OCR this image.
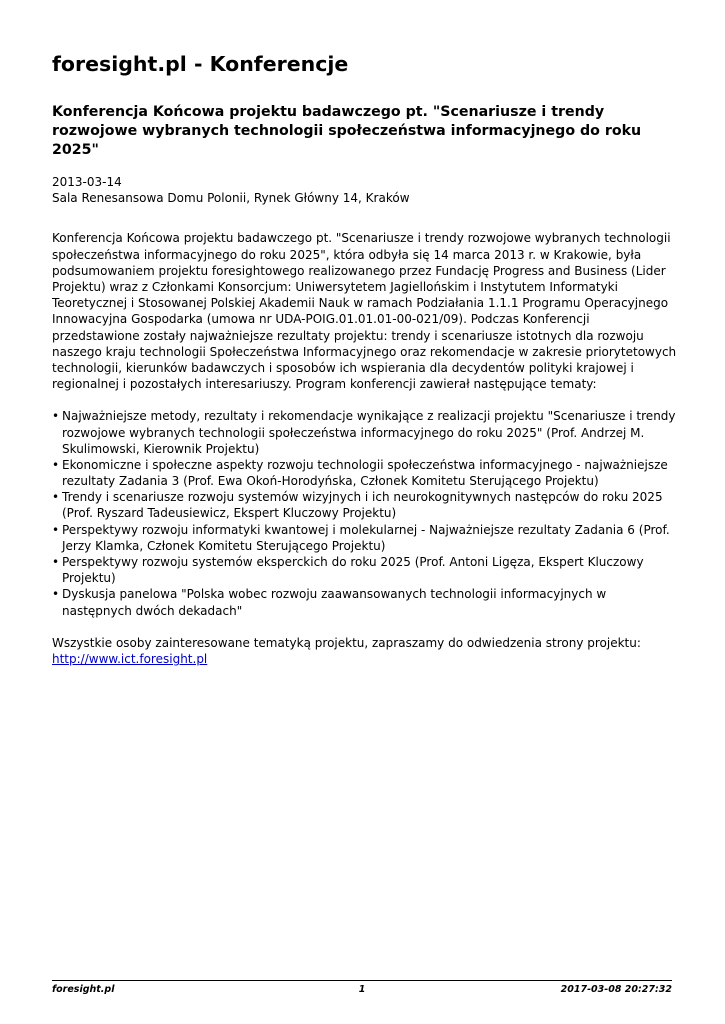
foresight.pl - Konferencje
Konferencja Końcowa projektu badawczego pt. "Scenariusze i trendy rozwojowe wybranych technologii społeczeństwa informacyjnego do roku 2025"
2013-03-14
Sala Renesansowa Domu Polonii, Rynek Główny 14, Kraków

Konferencja Końcowa projektu badawczego pt. "Scenariusze i trendy rozwojowe wybranych technologii społeczeństwa informacyjnego do roku 2025", która odbyła się 14 marca 2013 r. w Krakowie, była podsumowaniem projektu foresightowego realizowanego przez Fundację Progress and Business (Lider Projektu) wraz z Członkami Konsorcjum: Uniwersytetem Jagiellońskim i Instytutem Informatyki Teoretycznej i Stosowanej Polskiej Akademii Nauk w ramach Podziałania 1.1.1 Programu Operacyjnego Innowacyjna Gospodarka (umowa nr UDA-POIG.01.01.01-00-021/09). Podczas Konferencji przedstawione zostały najważniejsze rezultaty projektu: trendy i scenariusze istotnych dla rozwoju naszego kraju technologii Społeczeństwa Informacyjnego oraz rekomendacje w zakresie priorytetowych technologii, kierunków badawczych i sposobów ich wspierania dla decydentów polityki krajowej i regionalnej i pozostałych interesariuszy. Program konferencji zawierał następujące tematy:

• Najważniejsze metody, rezultaty i rekomendacje wynikające z realizacji projektu "Scenariusze i trendy rozwojowe wybranych technologii społeczeństwa informacyjnego do roku 2025" (Prof. Andrzej M. Skulimowski, Kierownik Projektu)
• Ekonomiczne i społeczne aspekty rozwoju technologii społeczeństwa informacyjnego - najważniejsze rezultaty Zadania 3 (Prof. Ewa Okoń-Horodyńska, Członek Komitetu Sterującego Projektu)
• Trendy i scenariusze rozwoju systemów wizyjnych i ich neurokognitywnych następców do roku 2025 (Prof. Ryszard Tadeusiewicz, Ekspert Kluczowy Projektu)
• Perspektywy rozwoju informatyki kwantowej i molekularnej - Najważniejsze rezultaty Zadania 6 (Prof. Jerzy Klamka, Członek Komitetu Sterującego Projektu)
• Perspektywy rozwoju systemów eksperckich do roku 2025 (Prof. Antoni Ligęza, Ekspert Kluczowy Projektu)
• Dyskusja panelowa "Polska wobec rozwoju zaawansowanych technologii informacyjnych w następnych dwóch dekadach"
Wszystkie osoby zainteresowane tematyką projektu, zapraszamy do odwiedzenia strony projektu:
http://www.ict.foresight.pl
foresight.pl	1	2017-03-08 20:27:32
